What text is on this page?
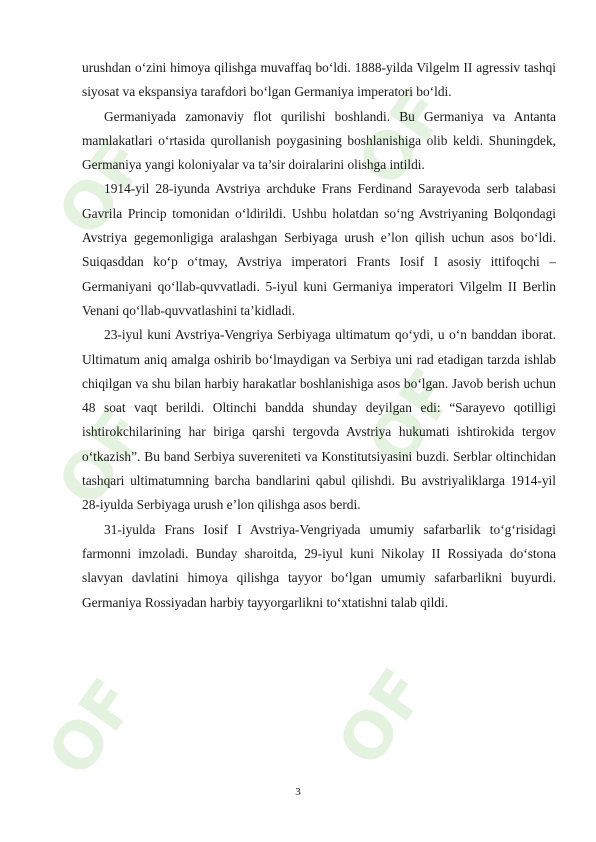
OF	OF
OF	OF
OF	OF

urushdan o‘zini himoya qilishga muvaffaq bo‘ldi. 1888-yilda Vilgelm II agressiv tashqi siyosat va ekspansiya tarafdori bo‘lgan Germaniya imperatori bo‘ldi.

Germaniyada zamonaviy flot qurilishi boshlandi. Bu Germaniya va Antanta mamlakatlari o‘rtasida qurollanish poygasining boshlanishiga olib keldi. Shuningdek, Germaniya yangi koloniyalar va ta’sir doiralarini olishga intildi.

1914-yil 28-iyunda Avstriya archduke Frans Ferdinand Sarayevoda serb talabasi Gavrila Princip tomonidan o‘ldirildi. Ushbu holatdan so‘ng Avstriyaning Bolqondagi Avstriya gegemonligiga aralashgan Serbiyaga urush e’lon qilish uchun asos bo‘ldi. Suiqasddan ko‘p o‘tmay, Avstriya imperatori Frants Iosif I asosiy ittifoqchi – Germaniyani qo‘llab-quvvatladi. 5-iyul kuni Germaniya imperatori Vilgelm II Berlin Venani qo‘llab-quvvatlashini ta’kidladi.

23-iyul kuni Avstriya-Vengriya Serbiyaga ultimatum qo‘ydi, u o‘n banddan iborat. Ultimatum aniq amalga oshirib bo‘lmaydigan va Serbiya uni rad etadigan tarzda ishlab chiqilgan va shu bilan harbiy harakatlar boshlanishiga asos bo‘lgan. Javob berish uchun 48 soat vaqt berildi. Oltinchi bandda shunday deyilgan edi: “Sarayevo qotilligi ishtirokchilarining har biriga qarshi tergovda Avstriya hukumati ishtirokida tergov o‘tkazish”. Bu band Serbiya suvereniteti va Konstitutsiyasini buzdi. Serblar oltinchidan tashqari ultimatumning barcha bandlarini qabul qilishdi. Bu avstriyaliklarga 1914-yil 28-iyulda Serbiyaga urush e’lon qilishga asos berdi.

31-iyulda Frans Iosif I Avstriya-Vengriyada umumiy safarbarlik to‘g‘risidagi farmonni imzoladi. Bunday sharoitda, 29-iyul kuni Nikolay II Rossiyada do‘stona slavyan davlatini himoya qilishga tayyor bo‘lgan umumiy safarbarlikni buyurdi. Germaniya Rossiyadan harbiy tayyorgarlikni to‘xtatishni talab qildi.

3
